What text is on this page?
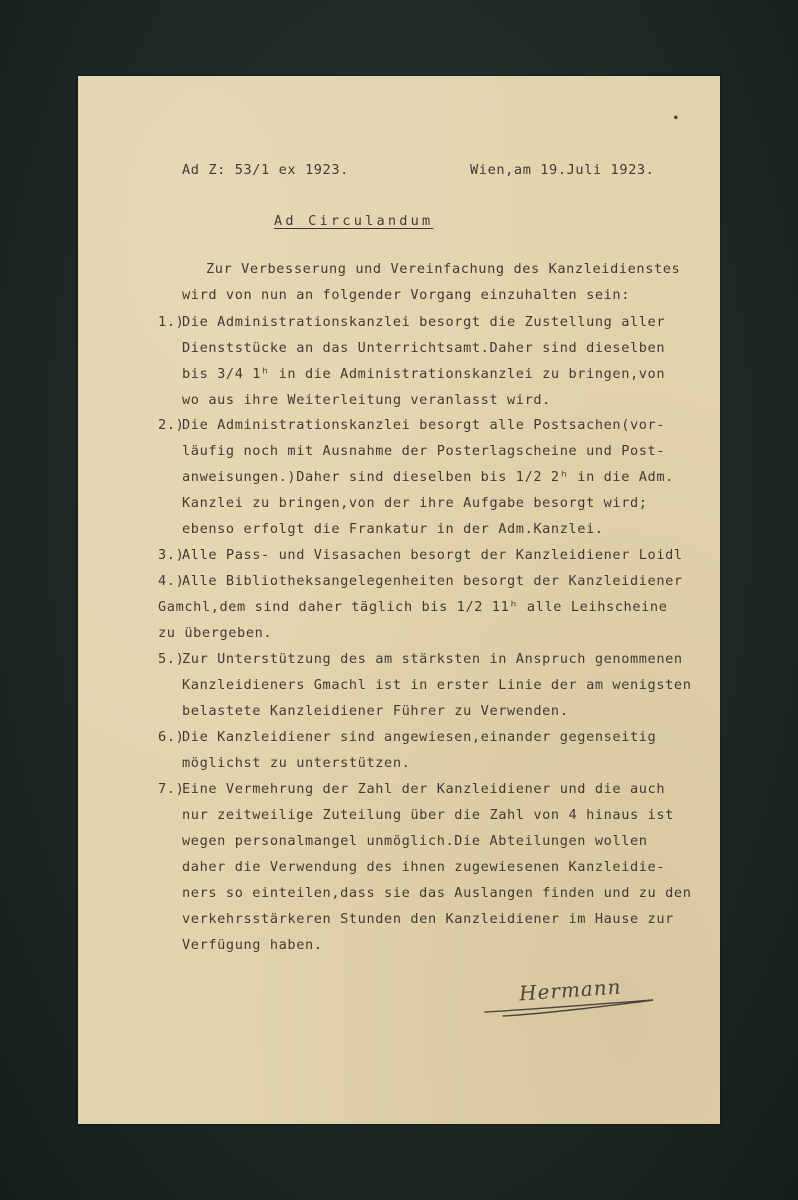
Ad Z: 53/1 ex 1923.	Wien,am 19.Juli 1923.
Ad Circulandum
Zur Verbesserung und Vereinfachung des Kanzleidienstes
wird von nun an folgender Vorgang einzuhalten sein:
1.)
Die Administrationskanzlei besorgt die Zustellung aller
Dienststücke an das Unterrichtsamt.Daher sind dieselben
bis 3/4 1ʰ in die Administrationskanzlei zu bringen,von
wo aus ihre Weiterleitung veranlasst wird.
2.)
Die Administrationskanzlei besorgt alle Postsachen(vor-
läufig noch mit Ausnahme der Posterlagscheine und Post-
anweisungen.)Daher sind dieselben bis 1/2 2ʰ in die Adm.
Kanzlei zu bringen,von der ihre Aufgabe besorgt wird;
ebenso erfolgt die Frankatur in der Adm.Kanzlei.
3.)
Alle Pass- und Visasachen besorgt der Kanzleidiener Loidl
4.)
Alle Bibliotheksangelegenheiten besorgt der Kanzleidiener
Gamchl,dem sind daher täglich bis 1/2 11ʰ alle Leihscheine
zu übergeben.
5.)
Zur Unterstützung des am stärksten in Anspruch genommenen
Kanzleidieners Gmachl ist in erster Linie der am wenigsten
belastete Kanzleidiener Führer zu Verwenden.
6.)
Die Kanzleidiener sind angewiesen,einander gegenseitig
möglichst zu unterstützen.
7.)
Eine Vermehrung der Zahl der Kanzleidiener und die auch
nur zeitweilige Zuteilung über die Zahl von 4 hinaus ist
wegen personalmangel unmöglich.Die Abteilungen wollen
daher die Verwendung des ihnen zugewiesenen Kanzleidie-
ners so einteilen,dass sie das Auslangen finden und zu den
verkehrsstärkeren Stunden den Kanzleidiener im Hause zur
Verfügung haben.
Hermann
●
